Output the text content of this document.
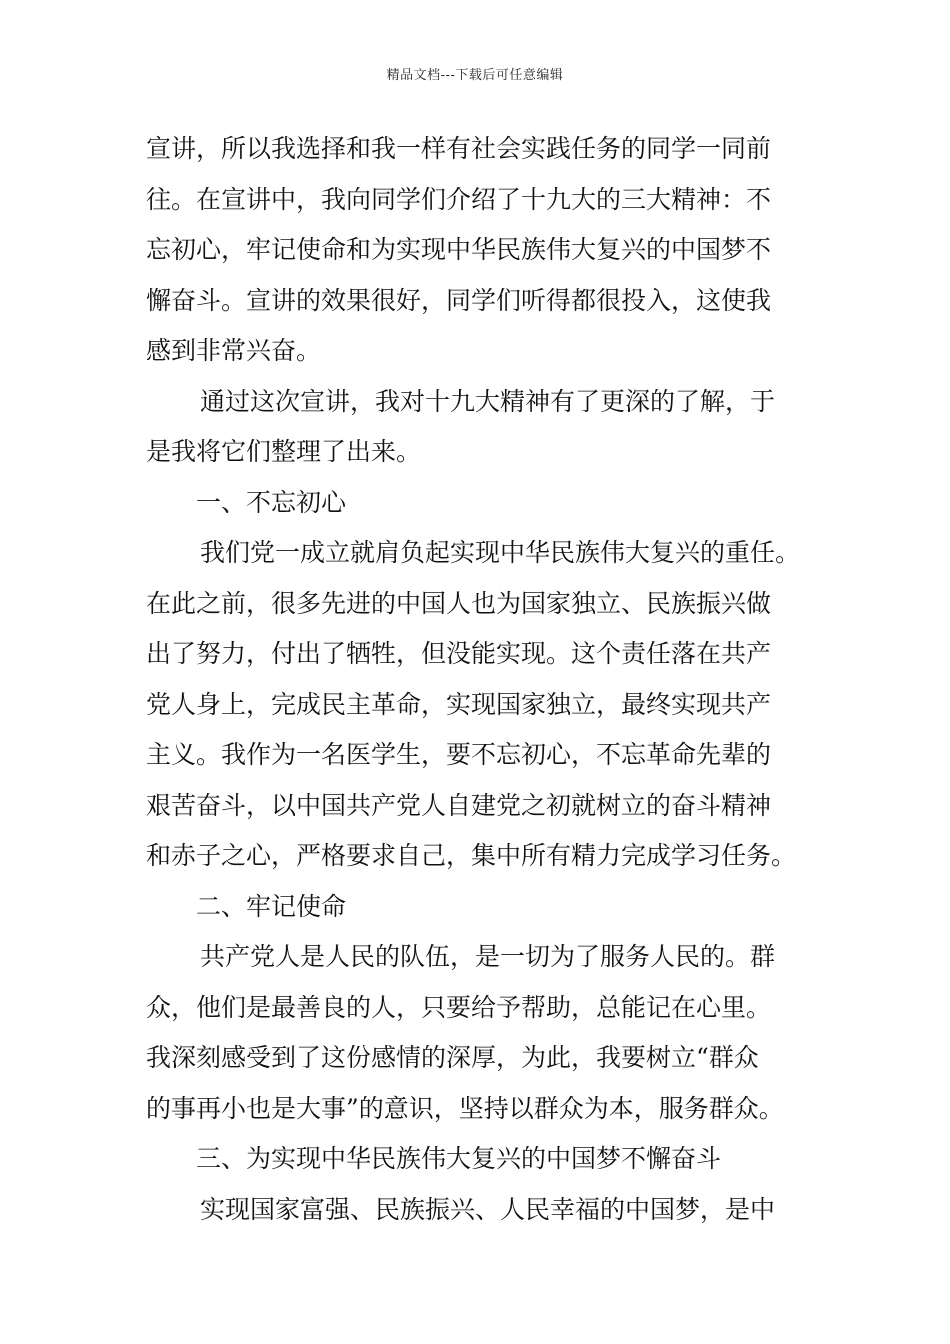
精品文档---下载后可任意编辑
宣讲，所以我选择和我一样有社会实践任务的同学一同前
往。在宣讲中，我向同学们介绍了十九大的三大精神：不
忘初心，牢记使命和为实现中华民族伟大复兴的中国梦不
懈奋斗。宣讲的效果很好，同学们听得都很投入，这使我
感到非常兴奋。
通过这次宣讲，我对十九大精神有了更深的了解，于
是我将它们整理了出来。
一、不忘初心
我们党一成立就肩负起实现中华民族伟大复兴的重任。
在此之前，很多先进的中国人也为国家独立、民族振兴做
出了努力，付出了牺牲，但没能实现。这个责任落在共产
党人身上，完成民主革命，实现国家独立，最终实现共产
主义。我作为一名医学生，要不忘初心，不忘革命先辈的
艰苦奋斗，以中国共产党人自建党之初就树立的奋斗精神
和赤子之心，严格要求自己，集中所有精力完成学习任务。
二、牢记使命
共产党人是人民的队伍，是一切为了服务人民的。群
众，他们是最善良的人，只要给予帮助，总能记在心里。
我深刻感受到了这份感情的深厚，为此，我要树立“群众
的事再小也是大事”的意识，坚持以群众为本，服务群众。
三、为实现中华民族伟大复兴的中国梦不懈奋斗
实现国家富强、民族振兴、人民幸福的中国梦，是中
